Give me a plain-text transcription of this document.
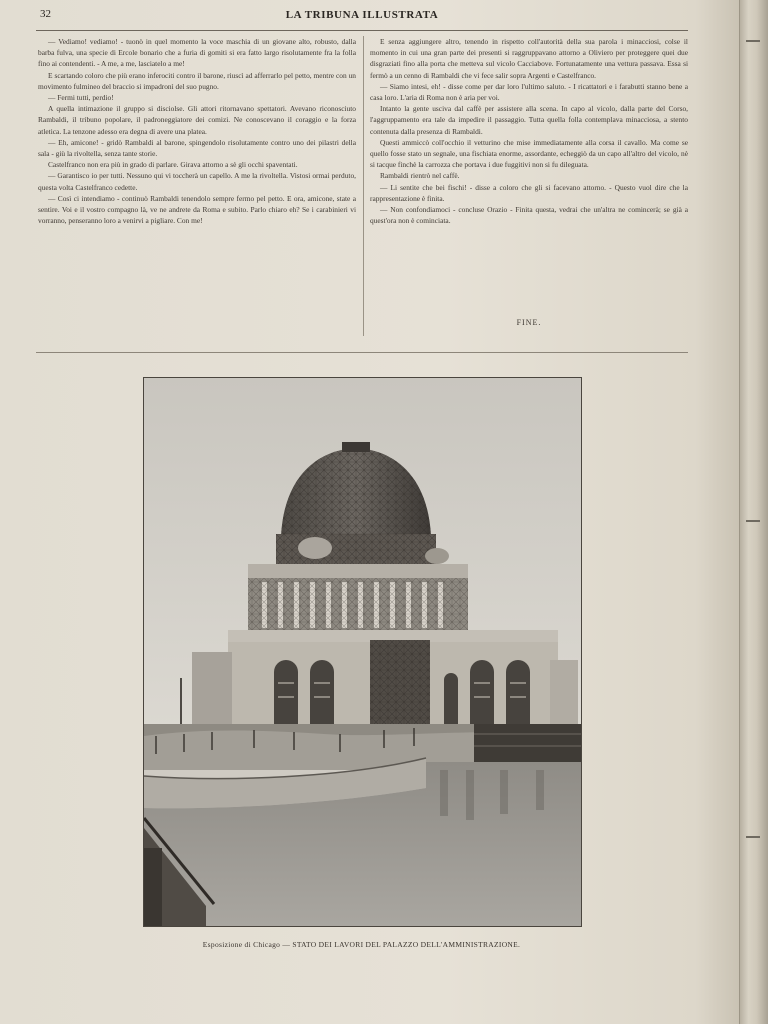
32	LA TRIBUNA ILLUSTRATA

— Vediamo! vediamo! - tuonò in quel momento la voce maschia di un giovane alto, robusto, dalla barba fulva, una specie di Ercole bonario che a furia di gomiti si era fatto largo risolutamente fra la folla fino ai contendenti. - A me, a me, lasciatelo a me!

E scartando coloro che più erano inferociti contro il barone, riuscì ad afferrarlo pel petto, mentre con un movimento fulmineo del braccio si impadronì del suo pugno.

— Fermi tutti, perdio!

A quella intimazione il gruppo si disciolse. Gli attori ritornavano spettatori. Avevano riconosciuto Rambaldi, il tribuno popolare, il padroneggiatore dei comizi. Ne conoscevano il coraggio e la forza atletica. La tenzone adesso era degna di avere una platea.

— Eh, amicone! - gridò Rambaldi al barone, spingendolo risolutamente contro uno dei pilastri della sala - giù la rivoltella, senza tante storie.

Castelfranco non era più in grado di parlare. Girava attorno a sè gli occhi spaventati.

— Garantisco io per tutti. Nessuno qui vi toccherà un capello. A me la rivoltella. Vistosi ormai perduto, questa volta Castelfranco cedette.

— Così ci intendiamo - continuò Rambaldi tenendolo sempre fermo pel petto. E ora, amicone, state a sentire. Voi e il vostro compagno là, ve ne andrete da Roma e subito. Parlo chiaro eh? Se i carabinieri vi vorranno, penseranno loro a venirvi a pigliare. Con me!

E senza aggiungere altro, tenendo in rispetto coll'autorità della sua parola i minacciosi, colse il momento in cui una gran parte dei presenti si raggruppavano attorno a Oliviero per proteggere quei due disgraziati fino alla porta che metteva sul vicolo Cacciabove. Fortunatamente una vettura passava. Essa si fermò a un cenno di Rambaldi che vi fece salir sopra Argenti e Castelfranco.

— Siamo intesi, eh! - disse come per dar loro l'ultimo saluto. - I ricattatori e i farabutti stanno bene a casa loro. L'aria di Roma non è aria per voi.

Intanto la gente usciva dal caffè per assistere alla scena. In capo al vicolo, dalla parte del Corso, l'aggruppamento era tale da impedire il passaggio. Tutta quella folla contemplava minacciosa, a stento contenuta dalla presenza di Rambaldi.

Questi ammiccò coll'occhio il vetturino che mise immediatamente alla corsa il cavallo. Ma come se quello fosse stato un segnale, una fischiata enorme, assordante, echeggiò da un capo all'altro del vicolo, nè si tacque finchè la carrozza che portava i due fuggitivi non si fu dileguata.

Rambaldi rientrò nel caffè.

— Li sentite che bei fischi! - disse a coloro che gli si facevano attorno. - Questo vuol dire che la rappresentazione è finita.

— Non confondiamoci - concluse Orazio - Finita questa, vedrai che un'altra ne comincerà; se già a quest'ora non è cominciata.

FINE.
Esposizione di Chicago — STATO DEI LAVORI DEL PALAZZO DELL'AMMINISTRAZIONE.
